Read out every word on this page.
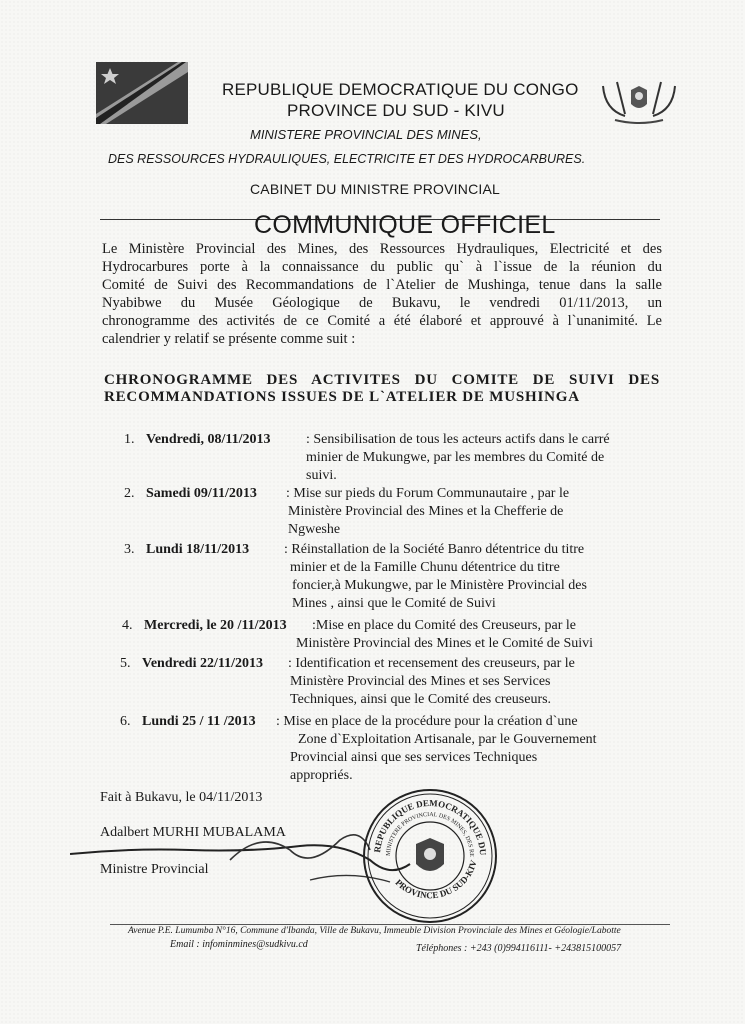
REPUBLIQUE DEMOCRATIQUE DU CONGO
PROVINCE DU SUD - KIVU
MINISTERE PROVINCIAL DES MINES,
DES RESSOURCES HYDRAULIQUES, ELECTRICITE ET DES HYDROCARBURES.
CABINET DU MINISTRE PROVINCIAL
COMMUNIQUE OFFICIEL
Le Ministère Provincial des Mines, des Ressources Hydrauliques, Electricité et des
Hydrocarbures porte à la connaissance du public qu` à l`issue de la réunion du
Comité de Suivi des Recommandations de l`Atelier de Mushinga, tenue dans la salle
Nyabibwe du Musée Géologique de Bukavu, le vendredi 01/11/2013, un
chronogramme des activités de ce Comité a été élaboré et approuvé à l`unanimité. Le
calendrier y relatif se présente comme suit :
CHRONOGRAMME DES ACTIVITES DU COMITE DE SUIVI DES
RECOMMANDATIONS ISSUES DE L`ATELIER DE MUSHINGA
1. Vendredi, 08/11/2013	: Sensibilisation de tous les acteurs actifs dans le carré
minier de Mukungwe, par les membres du Comité de
suivi.
2. Samedi 09/11/2013 : Mise sur pieds du Forum Communautaire , par le
Ministère Provincial des Mines et la Chefferie de
Ngweshe
3. Lundi 18/11/2013 : Réinstallation de la Société Banro détentrice du titre
minier et de la Famille Chunu détentrice du titre
foncier,à Mukungwe, par le Ministère Provincial des
Mines , ainsi que le Comité de Suivi
4. Mercredi, le 20 /11/2013 :Mise en place du Comité des Creuseurs, par le
Ministère Provincial des Mines et le Comité de Suivi
5. Vendredi 22/11/2013 : Identification et recensement des creuseurs, par le
Ministère Provincial des Mines et ses Services
Techniques, ainsi que le Comité des creuseurs.
6. Lundi 25 / 11 /2013 : Mise en place de la procédure pour la création d`une
Zone d`Exploitation Artisanale, par le Gouvernement
Provincial ainsi que ses services Techniques
appropriés.
Fait à Bukavu, le 04/11/2013
Adalbert MURHI MUBALAMA
Ministre Provincial
REPUBLIQUE DEMOCRATIQUE DU
MINISTERE PROVINCIAL DES MINES, DES RE
PROVINCE DU SUD-KIV
Avenue P.E. Lumumba N°16, Commune d'Ibanda, Ville de Bukavu, Immeuble Division Provinciale des Mines et Géologie/Labotte
Email : infominmines@sudkivu.cd	Téléphones : +243 (0)994116111- +243815100057
